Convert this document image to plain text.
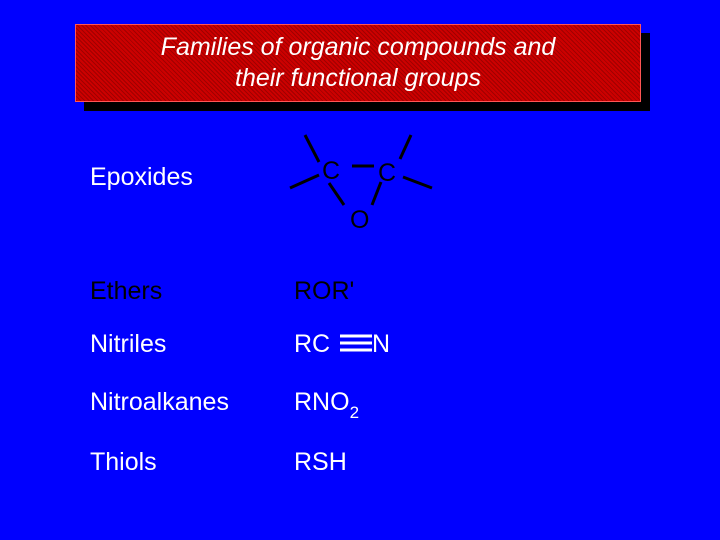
Families of organic compounds and
their functional groups
Epoxides	C C
O
Ethers	ROR'
Nitriles	RC N
Nitroalkanes	$RNO_2$
Thiols	RSH
